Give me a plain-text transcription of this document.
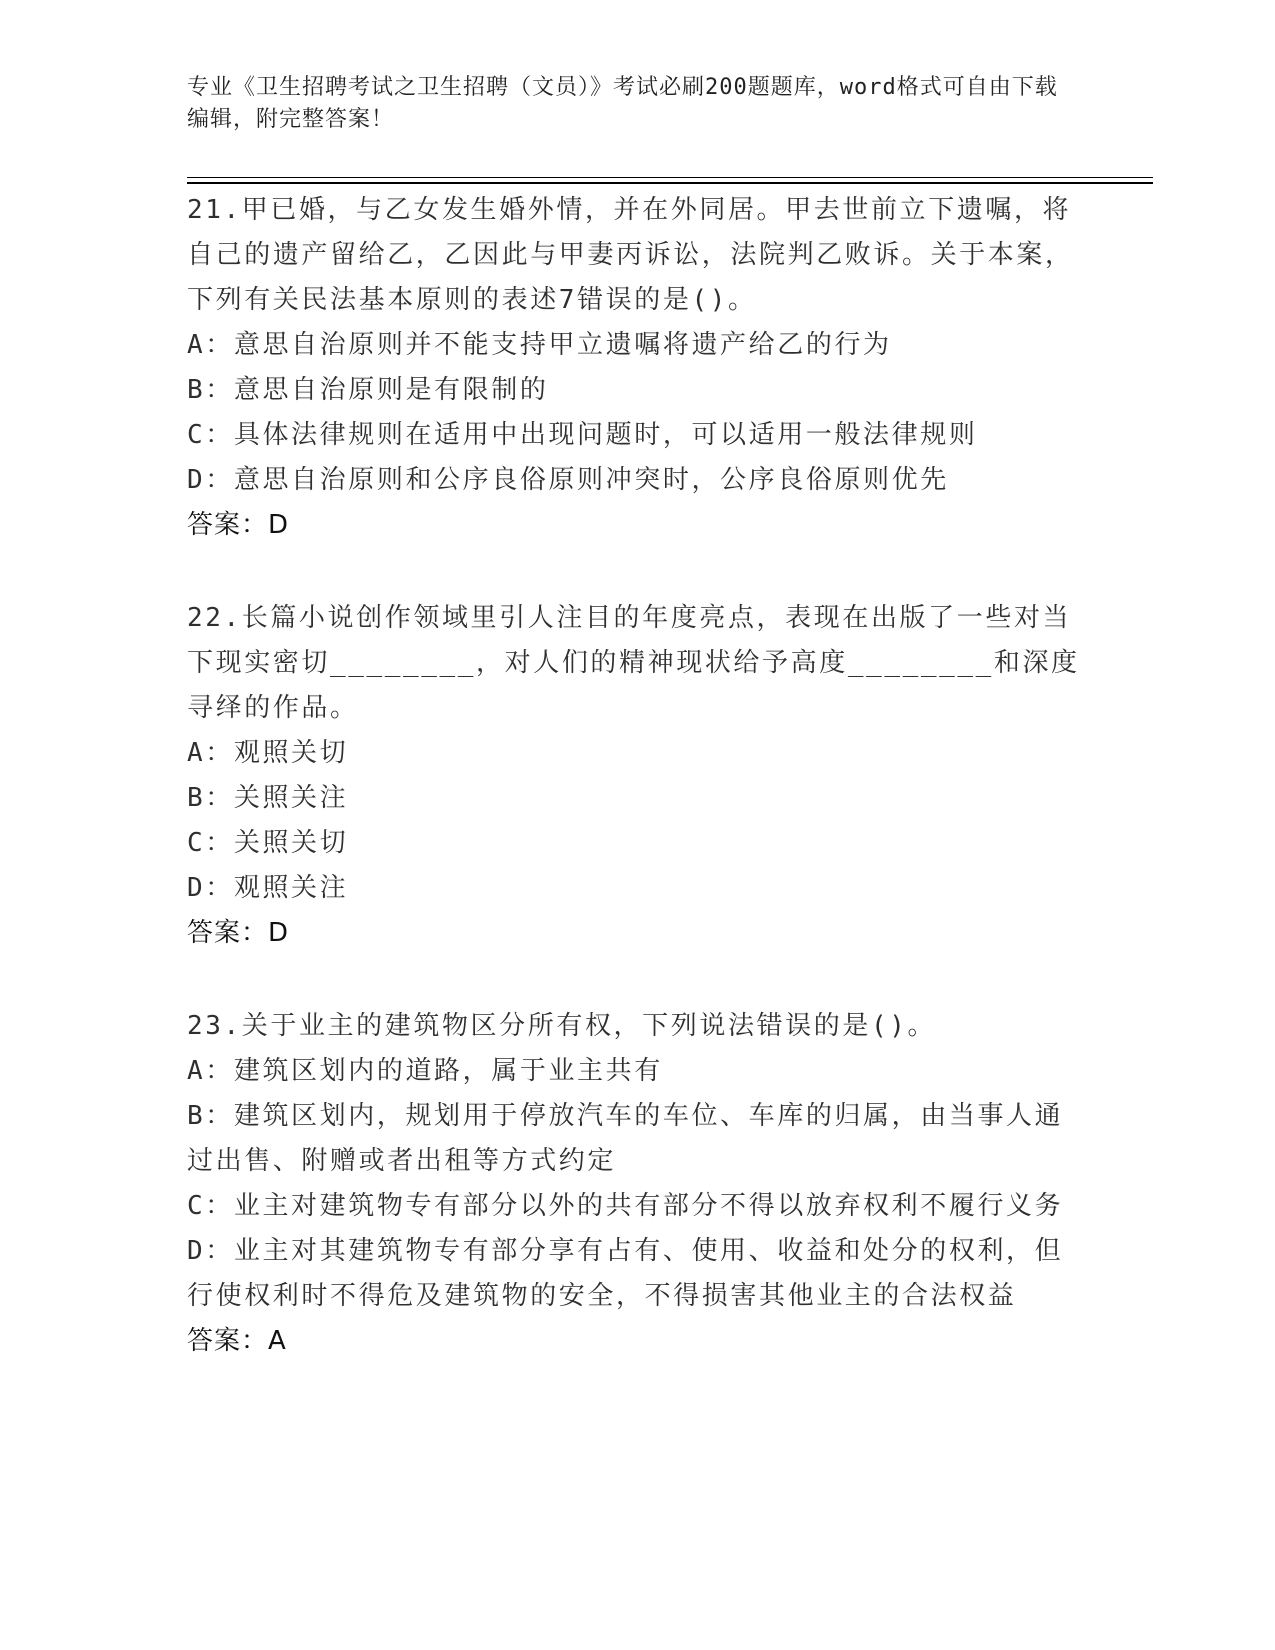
专业《卫生招聘考试之卫生招聘（文员）》考试必刷200题题库，word格式可自由下载编辑，附完整答案！

21.甲已婚，与乙女发生婚外情，并在外同居。甲去世前立下遗嘱，将自己的遗产留给乙，乙因此与甲妻丙诉讼，法院判乙败诉。关于本案，下列有关民法基本原则的表述7错误的是()。

A：意思自治原则并不能支持甲立遗嘱将遗产给乙的行为

B：意思自治原则是有限制的

C：具体法律规则在适用中出现问题时，可以适用一般法律规则

D：意思自治原则和公序良俗原则冲突时，公序良俗原则优先

答案：D

22.长篇小说创作领域里引人注目的年度亮点，表现在出版了一些对当下现实密切________，对人们的精神现状给予高度________和深度寻绎的作品。

A：观照关切

B：关照关注

C：关照关切

D：观照关注

答案：D

23.关于业主的建筑物区分所有权，下列说法错误的是()。

A：建筑区划内的道路，属于业主共有

B：建筑区划内，规划用于停放汽车的车位、车库的归属，由当事人通过出售、附赠或者出租等方式约定

C：业主对建筑物专有部分以外的共有部分不得以放弃权利不履行义务

D：业主对其建筑物专有部分享有占有、使用、收益和处分的权利，但行使权利时不得危及建筑物的安全，不得损害其他业主的合法权益

答案：A
